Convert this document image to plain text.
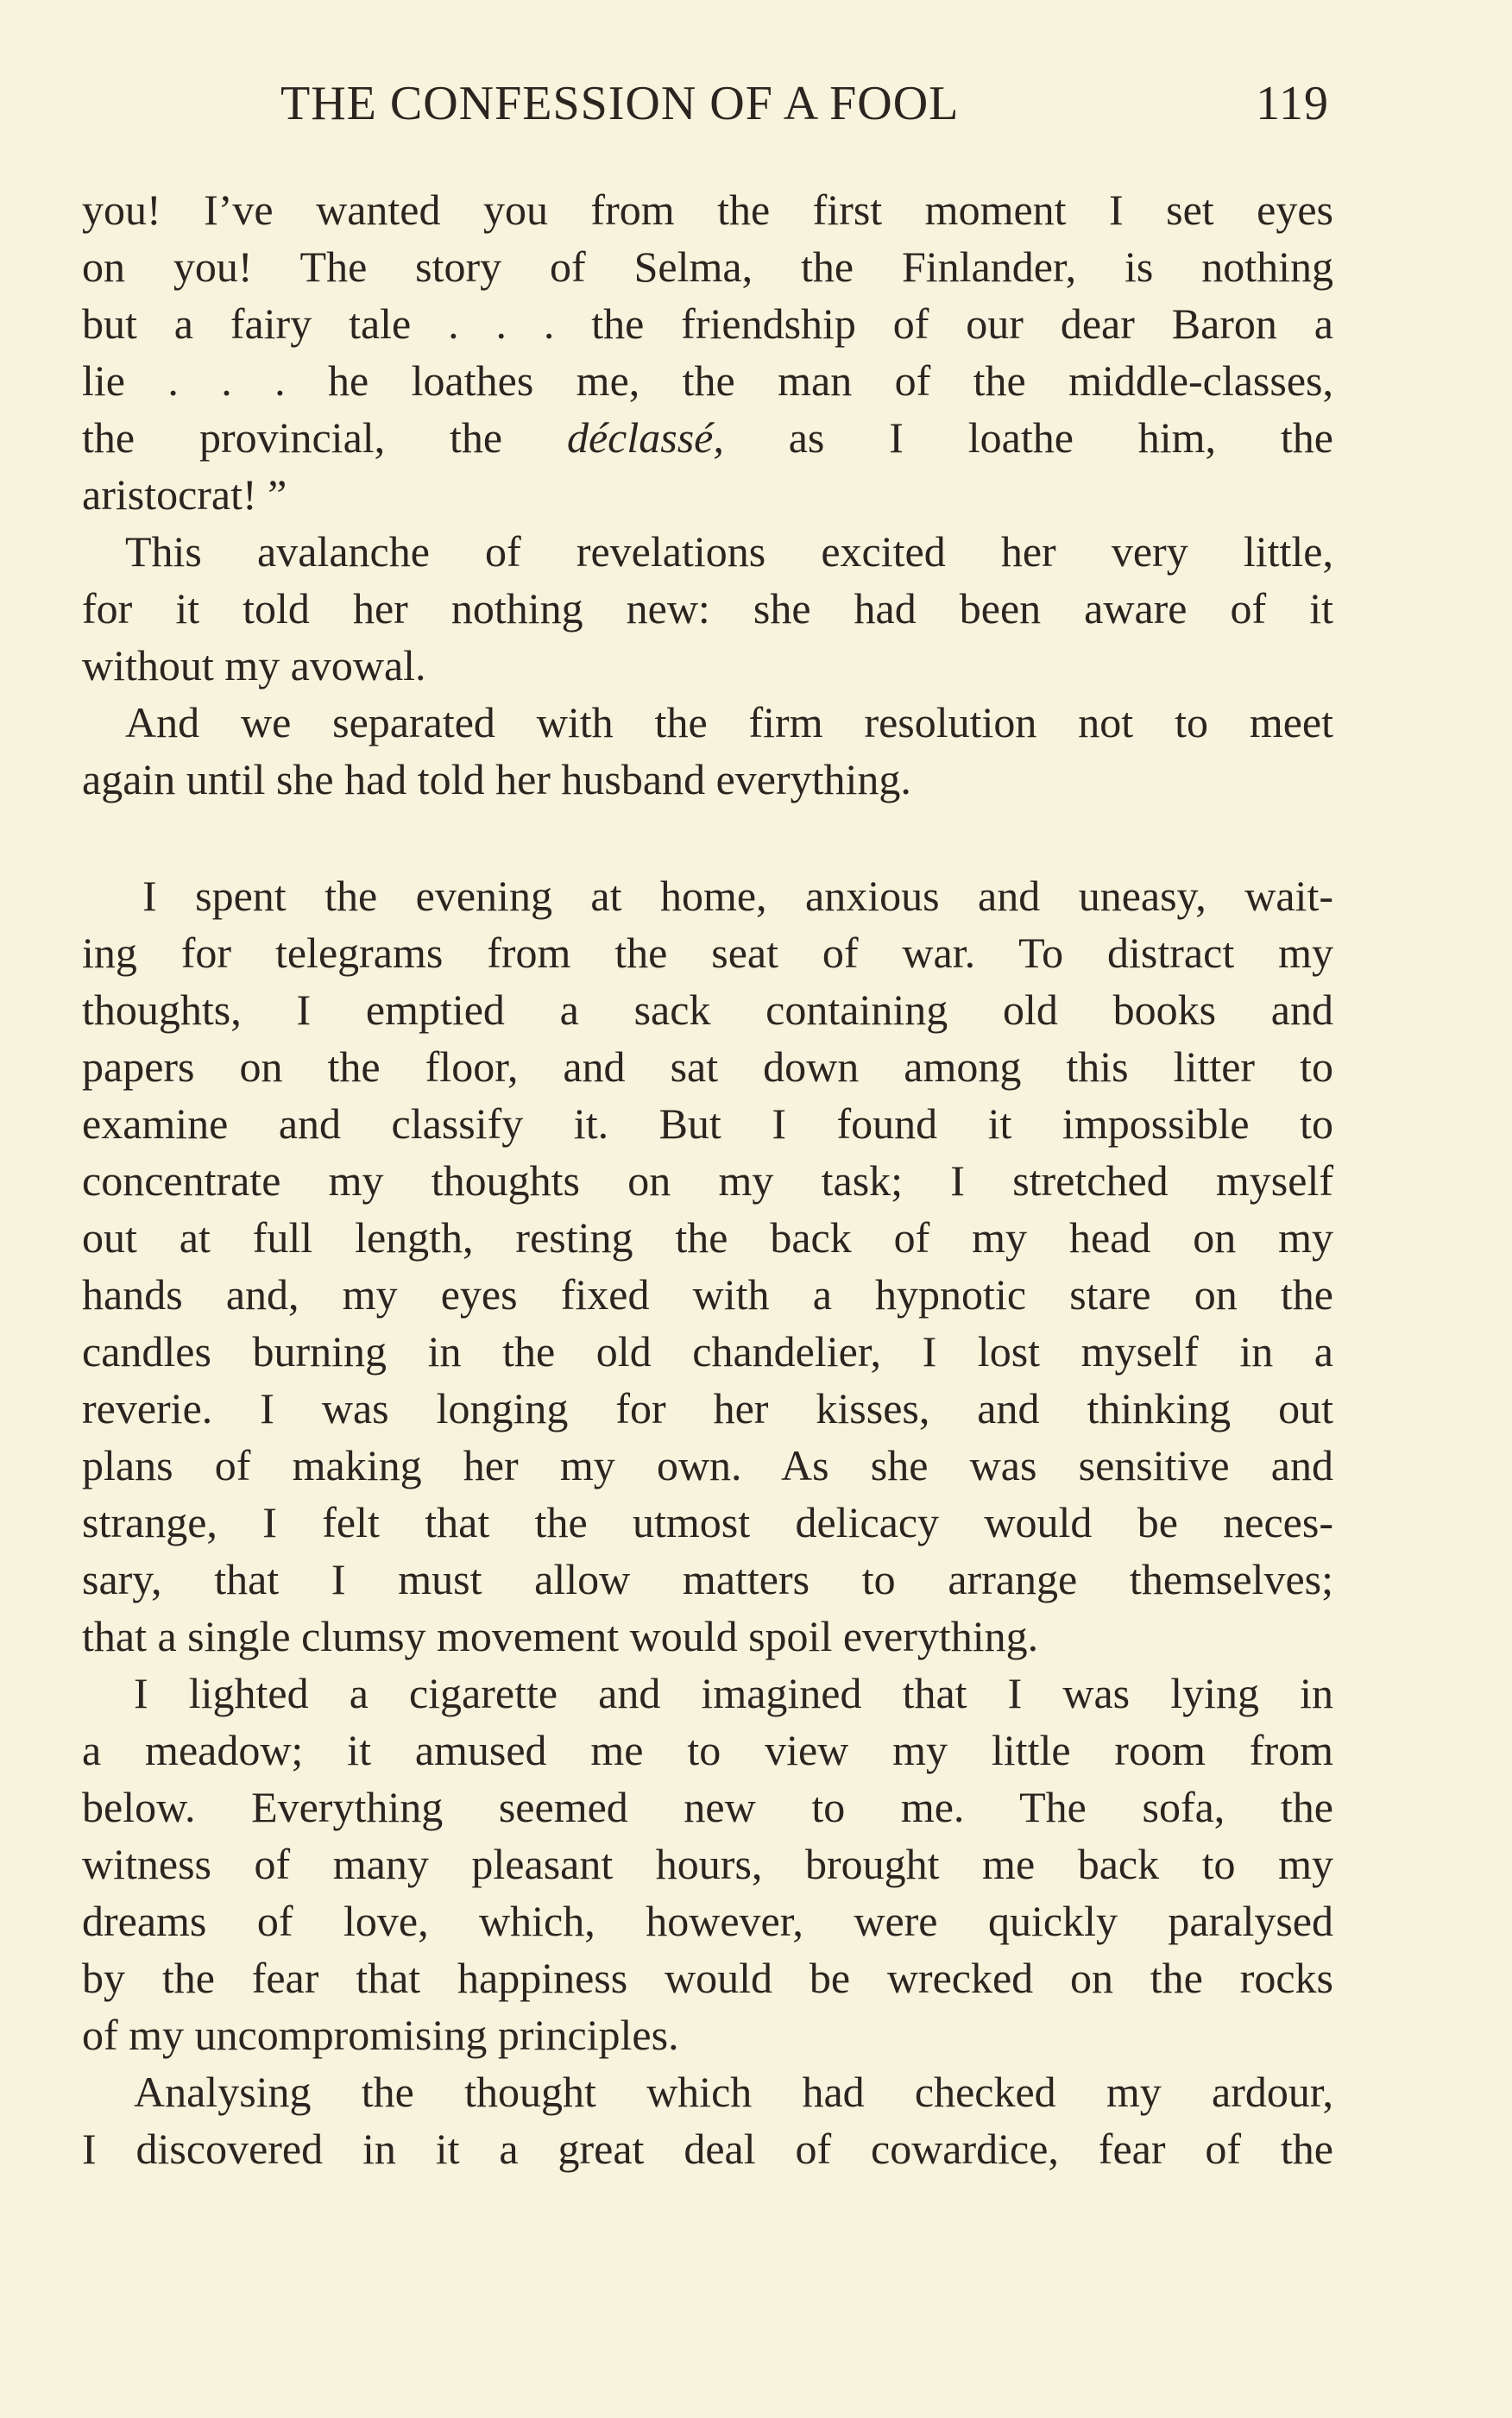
THE CONFESSION OF A FOOL	119

you! I’ve wanted you from the first moment I set eyes
on you! The story of Selma, the Finlander, is nothing
but a fairy tale . . . the friendship of our dear Baron a
lie . . . he loathes me, the man of the middle-classes,
the provincial, the déclassé, as I loathe him, the
aristocrat! ”

This avalanche of revelations excited her very little,
for it told her nothing new: she had been aware of it
without my avowal.

And we separated with the firm resolution not to meet
again until she had told her husband everything.

I spent the evening at home, anxious and uneasy, wait-
ing for telegrams from the seat of war. To distract my
thoughts, I emptied a sack containing old books and
papers on the floor, and sat down among this litter to
examine and classify it. But I found it impossible to
concentrate my thoughts on my task; I stretched myself
out at full length, resting the back of my head on my
hands and, my eyes fixed with a hypnotic stare on the
candles burning in the old chandelier, I lost myself in a
reverie. I was longing for her kisses, and thinking out
plans of making her my own. As she was sensitive and
strange, I felt that the utmost delicacy would be neces-
sary, that I must allow matters to arrange themselves;
that a single clumsy movement would spoil everything.

I lighted a cigarette and imagined that I was lying in
a meadow; it amused me to view my little room from
below. Everything seemed new to me. The sofa, the
witness of many pleasant hours, brought me back to my
dreams of love, which, however, were quickly paralysed
by the fear that happiness would be wrecked on the rocks
of my uncompromising principles.

Analysing the thought which had checked my ardour,
I discovered in it a great deal of cowardice, fear of the
